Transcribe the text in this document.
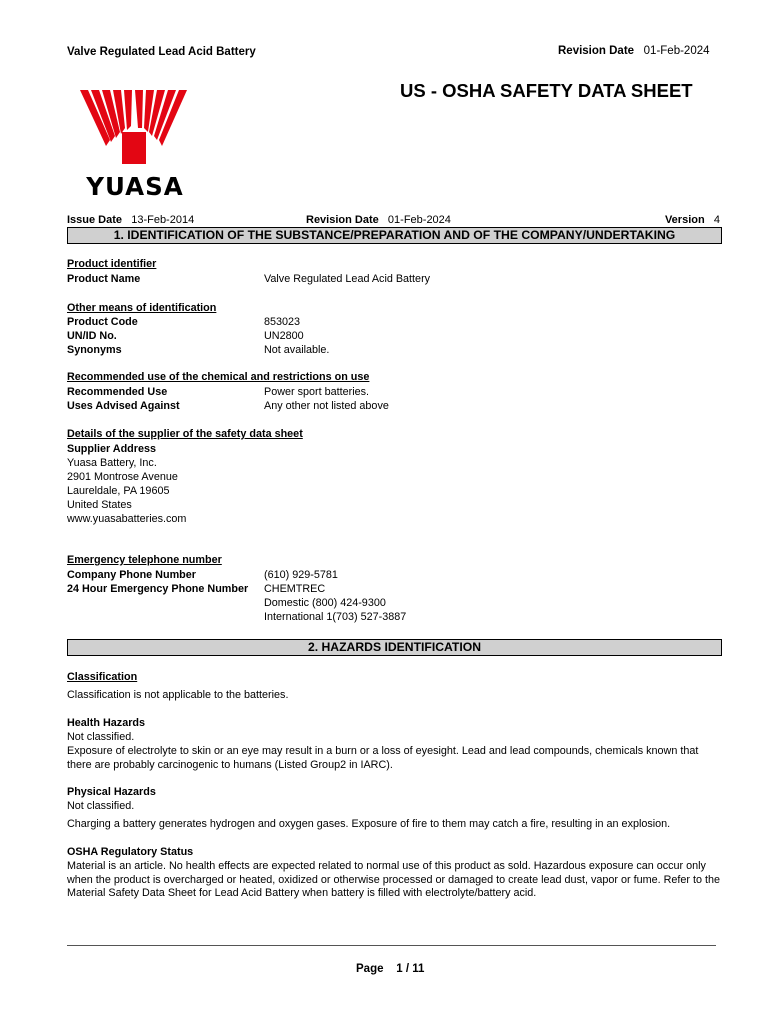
Valve Regulated Lead Acid Battery	Revision Date 01-Feb-2024
US - OSHA SAFETY DATA SHEET
YUASA
Issue Date 13-Feb-2014	Revision Date 01-Feb-2024	Version 4
1. IDENTIFICATION OF THE SUBSTANCE/PREPARATION AND OF THE COMPANY/UNDERTAKING
Product identifier
Product Name	Valve Regulated Lead Acid Battery
Other means of identification
Product Code	853023
UN/ID No.	UN2800
Synonyms	Not available.
Recommended use of the chemical and restrictions on use
Recommended Use	Power sport batteries.
Uses Advised Against	Any other not listed above
Details of the supplier of the safety data sheet
Supplier Address
Yuasa Battery, Inc.
2901 Montrose Avenue
Laureldale, PA 19605
United States
www.yuasabatteries.com
Emergency telephone number
Company Phone Number	(610) 929-5781
24 Hour Emergency Phone Number CHEMTREC
Domestic (800) 424-9300
International 1(703) 527-3887
2. HAZARDS IDENTIFICATION
Classification
Classification is not applicable to the batteries.
Health Hazards
Not classified.
Exposure of electrolyte to skin or an eye may result in a burn or a loss of eyesight. Lead and lead compounds, chemicals known that there are probably carcinogenic to humans (Listed Group2 in IARC).
Physical Hazards
Not classified.
Charging a battery generates hydrogen and oxygen gases. Exposure of fire to them may catch a fire, resulting in an explosion.
OSHA Regulatory Status
Material is an article. No health effects are expected related to normal use of this product as sold. Hazardous exposure can occur only when the product is overcharged or heated, oxidized or otherwise processed or damaged to create lead dust, vapor or fume. Refer to the Material Safety Data Sheet for Lead Acid Battery when battery is filled with electrolyte/battery acid.
Page 1 / 11
